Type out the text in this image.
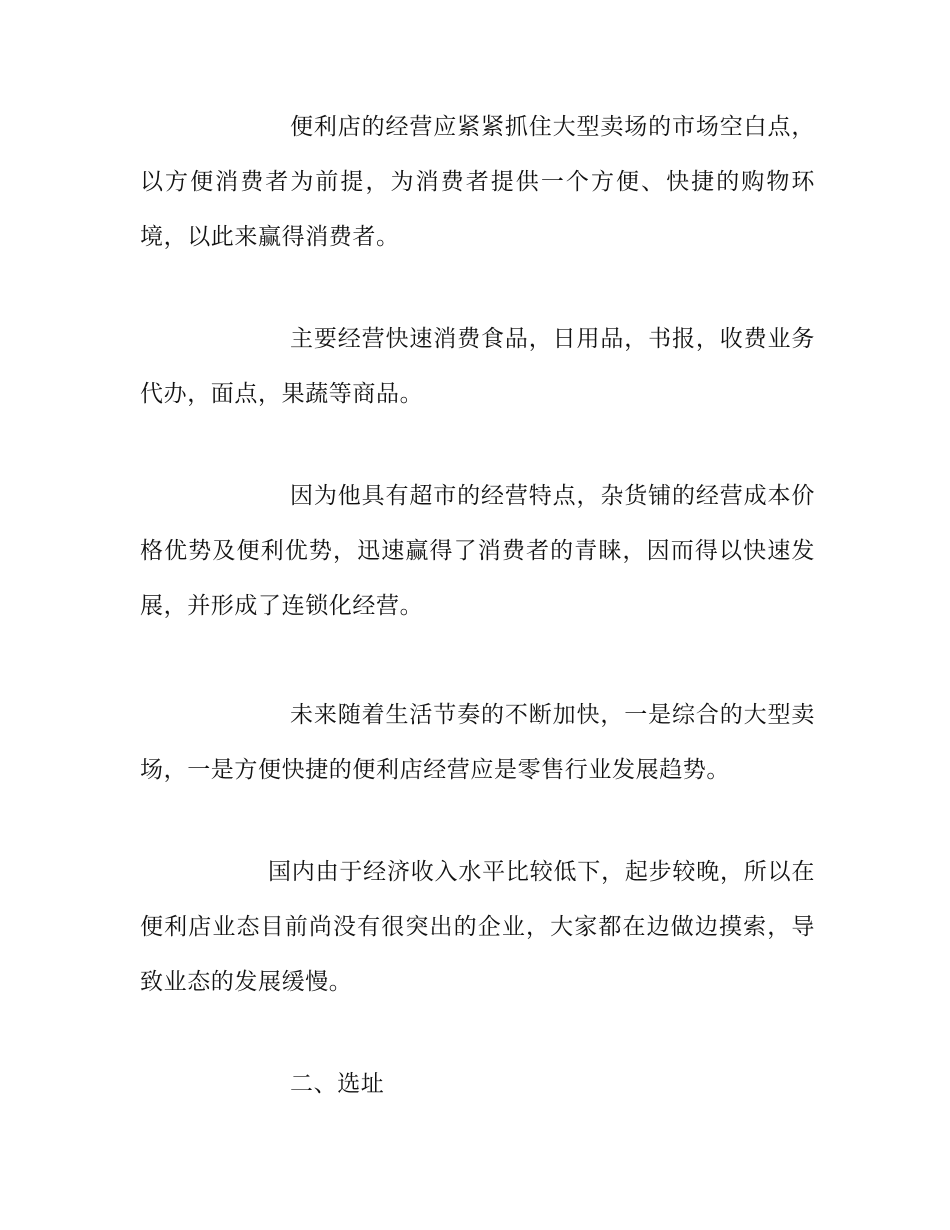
便利店的经营应紧紧抓住大型卖场的市场空白点，以方便消费者为前提，为消费者提供一个方便、快捷的购物环境，以此来赢得消费者。

主要经营快速消费食品，日用品，书报，收费业务代办，面点，果蔬等商品。

因为他具有超市的经营特点，杂货铺的经营成本价格优势及便利优势，迅速赢得了消费者的青睐，因而得以快速发展，并形成了连锁化经营。

未来随着生活节奏的不断加快，一是综合的大型卖场，一是方便快捷的便利店经营应是零售行业发展趋势。

国内由于经济收入水平比较低下，起步较晚，所以在便利店业态目前尚没有很突出的企业，大家都在边做边摸索，导致业态的发展缓慢。

二、选址
